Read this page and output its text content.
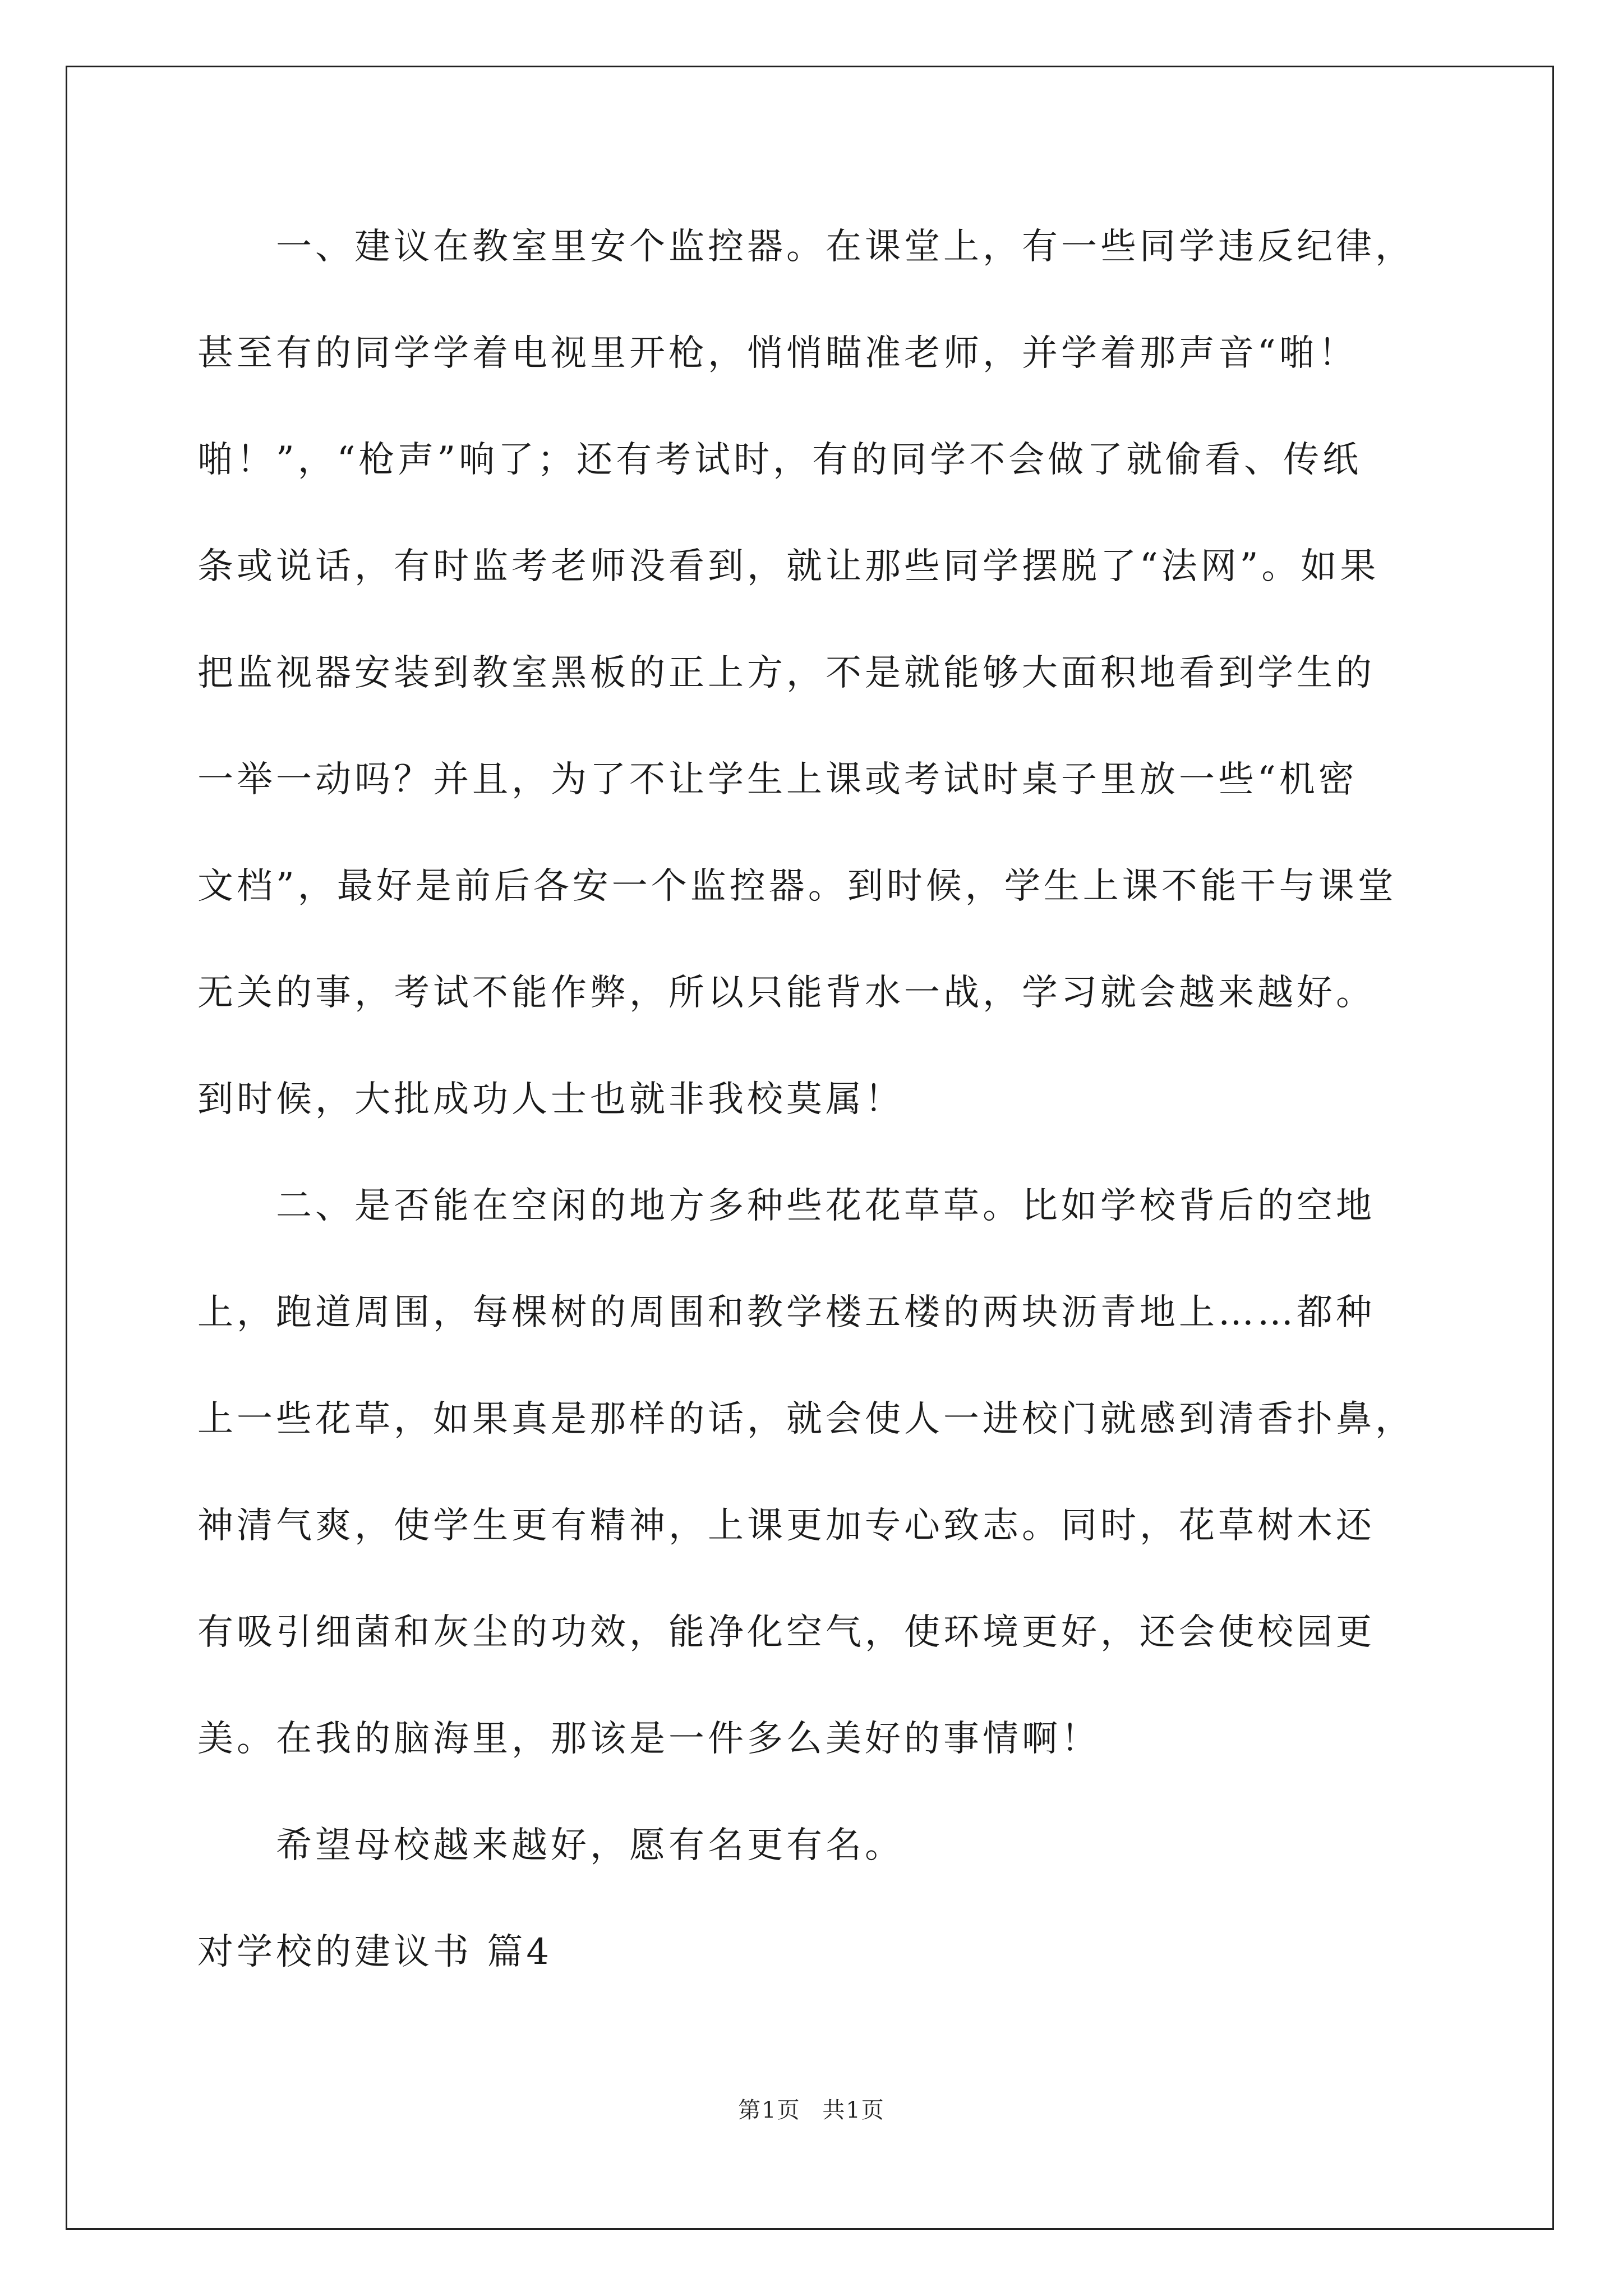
一、建议在教室里安个监控器。在课堂上，有一些同学违反纪律，
甚至有的同学学着电视里开枪，悄悄瞄准老师，并学着那声音“啪！
啪！”，“枪声”响了；还有考试时，有的同学不会做了就偷看、传纸
条或说话，有时监考老师没看到，就让那些同学摆脱了“法网”。如果
把监视器安装到教室黑板的正上方，不是就能够大面积地看到学生的
一举一动吗？并且，为了不让学生上课或考试时桌子里放一些“机密
文档”，最好是前后各安一个监控器。到时候，学生上课不能干与课堂
无关的事，考试不能作弊，所以只能背水一战，学习就会越来越好。
到时候，大批成功人士也就非我校莫属！
二、是否能在空闲的地方多种些花花草草。比如学校背后的空地
上，跑道周围，每棵树的周围和教学楼五楼的两块沥青地上……都种
上一些花草，如果真是那样的话，就会使人一进校门就感到清香扑鼻，
神清气爽，使学生更有精神，上课更加专心致志。同时，花草树木还
有吸引细菌和灰尘的功效，能净化空气，使环境更好，还会使校园更
美。在我的脑海里，那该是一件多么美好的事情啊！
希望母校越来越好，愿有名更有名。
对学校的建议书 篇4
第1页 共1页
